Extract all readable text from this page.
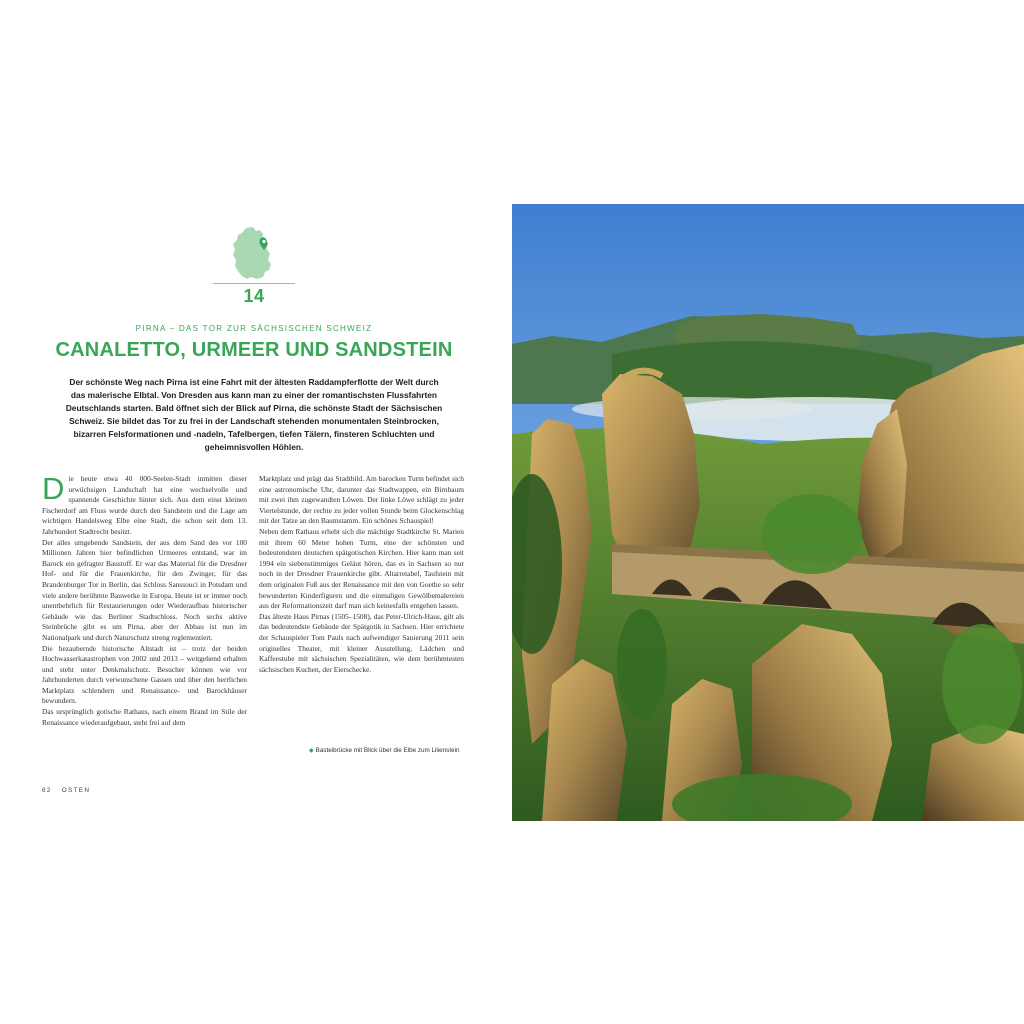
14
PIRNA – DAS TOR ZUR SÄCHSISCHEN SCHWEIZ
CANALETTO, URMEER UND SANDSTEIN
Der schönste Weg nach Pirna ist eine Fahrt mit der ältesten Raddampferflotte der Welt durch das malerische Elbtal. Von Dresden aus kann man zu einer der romantischsten Flussfahrten Deutschlands starten. Bald öffnet sich der Blick auf Pirna, die schönste Stadt der Sächsischen Schweiz. Sie bildet das Tor zu frei in der Landschaft stehenden monumentalen Steinbrocken, bizarren Felsformationen und -nadeln, Tafelbergen, tiefen Tälern, finsteren Schluchten und geheimnisvollen Höhlen.

Die heute etwa 40 000-Seelen-Stadt inmitten dieser urwüchsigen Landschaft hat eine wechselvolle und spannende Geschichte hinter sich. Aus dem einst kleinen Fischerdorf am Fluss wurde durch den Sandstein und die Lage am wichtigen Handelsweg Elbe eine Stadt, die schon seit dem 13. Jahrhundert Stadtrecht besitzt.

Der alles umgebende Sandstein, der aus dem Sand des vor 100 Millionen Jahren hier befindlichen Urmeeres entstand, war im Barock ein gefragter Baustoff. Er war das Material für die Dresdner Hof- und für die Frauenkirche, für den Zwinger, für das Brandenburger Tor in Berlin, das Schloss Sanssouci in Potsdam und viele andere berühmte Bauwerke in Europa. Heute ist er immer noch unentbehrlich für Restaurierungen oder Wiederaufbau historischer Gebäude wie das Berliner Stadtschloss. Noch sechs aktive Steinbrüche gibt es um Pirna, aber der Abbau ist nun im Nationalpark und durch Naturschutz streng reglementiert.

Die bezaubernde historische Altstadt ist – trotz der beiden Hochwasserkatastrophen von 2002 und 2013 – weitgehend erhalten und steht unter Denkmalschutz. Besucher können wie vor Jahrhunderten durch verwunschene Gassen und über den herrlichen Marktplatz schlendern und Renaissance- und Barockhäuser bewundern.

Das ursprünglich gotische Rathaus, nach einem Brand im Stile der Renaissance wiederaufgebaut, steht frei auf dem

Marktplatz und prägt das Stadtbild. Am barocken Turm befindet sich eine astronomische Uhr, darunter das Stadtwappen, ein Birnbaum mit zwei ihm zugewandten Löwen. Der linke Löwe schlägt zu jeder Viertelstunde, der rechte zu jeder vollen Stunde beim Glockenschlag mit der Tatze an den Baumstamm. Ein schönes Schauspiel!

Neben dem Rathaus erhebt sich die mächtige Stadtkirche St. Marien mit ihrem 60 Meter hohen Turm, eine der schönsten und bedeutendsten deutschen spätgotischen Kirchen. Hier kann man seit 1994 ein siebenstimmiges Geläut hören, das es in Sachsen so nur noch in der Dresdner Frauenkirche gibt. Altarretabel, Taufstein mit dem originalen Fuß aus der Renaissance mit den von Goethe so sehr bewunderten Kinderfiguren und die einmaligen Gewölbemalereien aus der Reformationszeit darf man sich keinesfalls entgehen lassen.

Das älteste Haus Pirnas (1505–1508), das Peter-Ulrich-Haus, gilt als das bedeutendste Gebäude der Spätgotik in Sachsen. Hier errichtete der Schauspieler Tom Pauls nach aufwendiger Sanierung 2011 sein originelles Theater, mit kleiner Ausstellung, Lädchen und Kaffeestube mit sächsischen Spezialitäten, wie dem berühmtesten sächsischen Kuchen, der Eierschecke.

◆ Basteibrücke mit Blick über die Elbe zum Lilienstein
62 OSTEN
